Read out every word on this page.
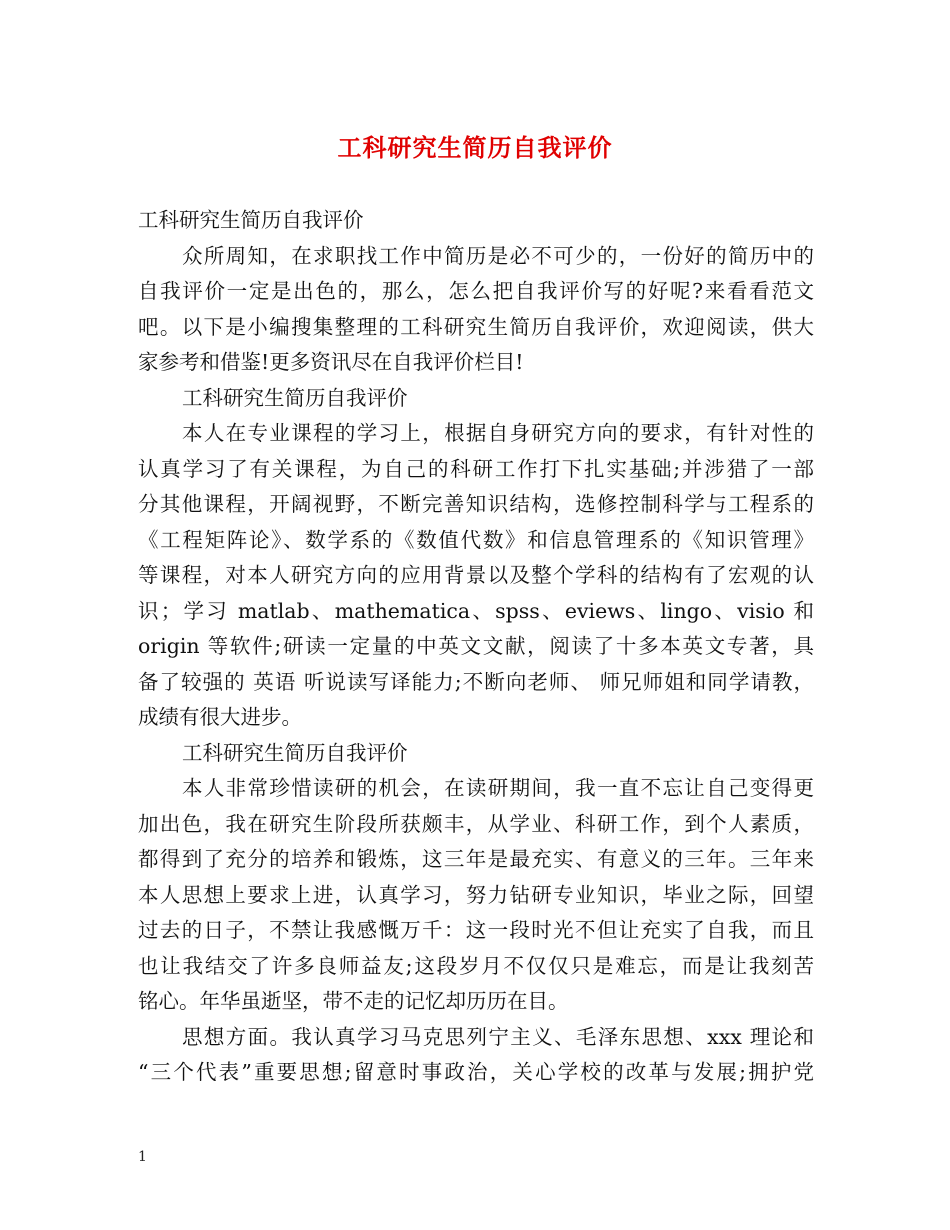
工科研究生简历自我评价
工科研究生简历自我评价
众所周知，在求职找工作中简历是必不可少的，一份好的简历中的
自我评价一定是出色的，那么，怎么把自我评价写的好呢?来看看范文
吧。以下是小编搜集整理的工科研究生简历自我评价，欢迎阅读，供大
家参考和借鉴!更多资讯尽在自我评价栏目!
工科研究生简历自我评价
本人在专业课程的学习上，根据自身研究方向的要求，有针对性的
认真学习了有关课程，为自己的科研工作打下扎实基础;并涉猎了一部
分其他课程，开阔视野，不断完善知识结构，选修控制科学与工程系的
《工程矩阵论》、数学系的《数值代数》和信息管理系的《知识管理》
等课程，对本人研究方向的应用背景以及整个学科的结构有了宏观的认
识；学习 matlab、mathematica、spss、eviews、lingo、visio 和
origin 等软件;研读一定量的中英文文献，阅读了十多本英文专著，具
备了较强的 英语 听说读写译能力;不断向老师、 师兄师姐和同学请教，
成绩有很大进步。
工科研究生简历自我评价
本人非常珍惜读研的机会，在读研期间，我一直不忘让自己变得更
加出色，我在研究生阶段所获颇丰，从学业、科研工作，到个人素质，
都得到了充分的培养和锻炼，这三年是最充实、有意义的三年。三年来
本人思想上要求上进，认真学习，努力钻研专业知识，毕业之际，回望
过去的日子，不禁让我感慨万千：这一段时光不但让充实了自我，而且
也让我结交了许多良师益友;这段岁月不仅仅只是难忘，而是让我刻苦
铭心。年华虽逝坚，带不走的记忆却历历在目。
思想方面。我认真学习马克思列宁主义、毛泽东思想、xxx 理论和
“三个代表”重要思想;留意时事政治，关心学校的改革与发展;拥护党
1
